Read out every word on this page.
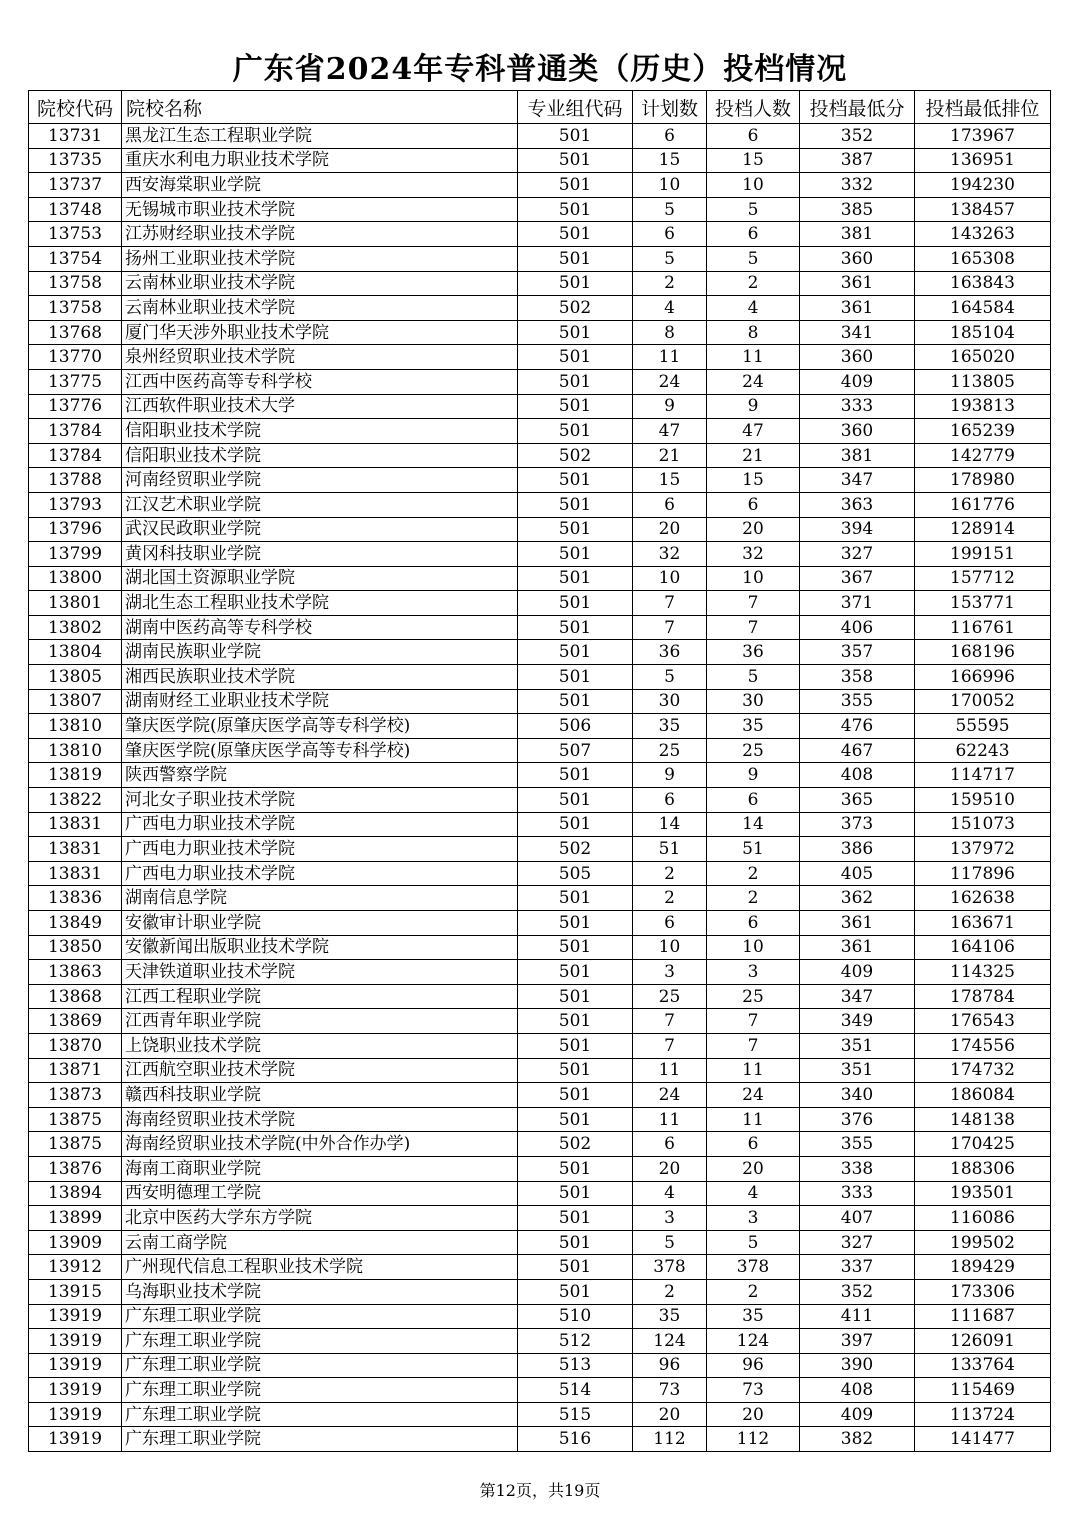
广东省2024年专科普通类（历史）投档情况
院校代码	院校名称	专业组代码	计划数	投档人数	投档最低分	投档最低排位
13731	黑龙江生态工程职业学院	501	6	6	352	173967
13735	重庆水利电力职业技术学院	501	15	15	387	136951
13737	西安海棠职业学院	501	10	10	332	194230
13748	无锡城市职业技术学院	501	5	5	385	138457
13753	江苏财经职业技术学院	501	6	6	381	143263
13754	扬州工业职业技术学院	501	5	5	360	165308
13758	云南林业职业技术学院	501	2	2	361	163843
13758	云南林业职业技术学院	502	4	4	361	164584
13768	厦门华天涉外职业技术学院	501	8	8	341	185104
13770	泉州经贸职业技术学院	501	11	11	360	165020
13775	江西中医药高等专科学校	501	24	24	409	113805
13776	江西软件职业技术大学	501	9	9	333	193813
13784	信阳职业技术学院	501	47	47	360	165239
13784	信阳职业技术学院	502	21	21	381	142779
13788	河南经贸职业学院	501	15	15	347	178980
13793	江汉艺术职业学院	501	6	6	363	161776
13796	武汉民政职业学院	501	20	20	394	128914
13799	黄冈科技职业学院	501	32	32	327	199151
13800	湖北国土资源职业学院	501	10	10	367	157712
13801	湖北生态工程职业技术学院	501	7	7	371	153771
13802	湖南中医药高等专科学校	501	7	7	406	116761
13804	湖南民族职业学院	501	36	36	357	168196
13805	湘西民族职业技术学院	501	5	5	358	166996
13807	湖南财经工业职业技术学院	501	30	30	355	170052
13810	肇庆医学院(原肇庆医学高等专科学校)	506	35	35	476	55595
13810	肇庆医学院(原肇庆医学高等专科学校)	507	25	25	467	62243
13819	陕西警察学院	501	9	9	408	114717
13822	河北女子职业技术学院	501	6	6	365	159510
13831	广西电力职业技术学院	501	14	14	373	151073
13831	广西电力职业技术学院	502	51	51	386	137972
13831	广西电力职业技术学院	505	2	2	405	117896
13836	湖南信息学院	501	2	2	362	162638
13849	安徽审计职业学院	501	6	6	361	163671
13850	安徽新闻出版职业技术学院	501	10	10	361	164106
13863	天津铁道职业技术学院	501	3	3	409	114325
13868	江西工程职业学院	501	25	25	347	178784
13869	江西青年职业学院	501	7	7	349	176543
13870	上饶职业技术学院	501	7	7	351	174556
13871	江西航空职业技术学院	501	11	11	351	174732
13873	赣西科技职业学院	501	24	24	340	186084
13875	海南经贸职业技术学院	501	11	11	376	148138
13875	海南经贸职业技术学院(中外合作办学)	502	6	6	355	170425
13876	海南工商职业学院	501	20	20	338	188306
13894	西安明德理工学院	501	4	4	333	193501
13899	北京中医药大学东方学院	501	3	3	407	116086
13909	云南工商学院	501	5	5	327	199502
13912	广州现代信息工程职业技术学院	501	378	378	337	189429
13915	乌海职业技术学院	501	2	2	352	173306
13919	广东理工职业学院	510	35	35	411	111687
13919	广东理工职业学院	512	124	124	397	126091
13919	广东理工职业学院	513	96	96	390	133764
13919	广东理工职业学院	514	73	73	408	115469
13919	广东理工职业学院	515	20	20	409	113724
13919	广东理工职业学院	516	112	112	382	141477
第12页，共19页
